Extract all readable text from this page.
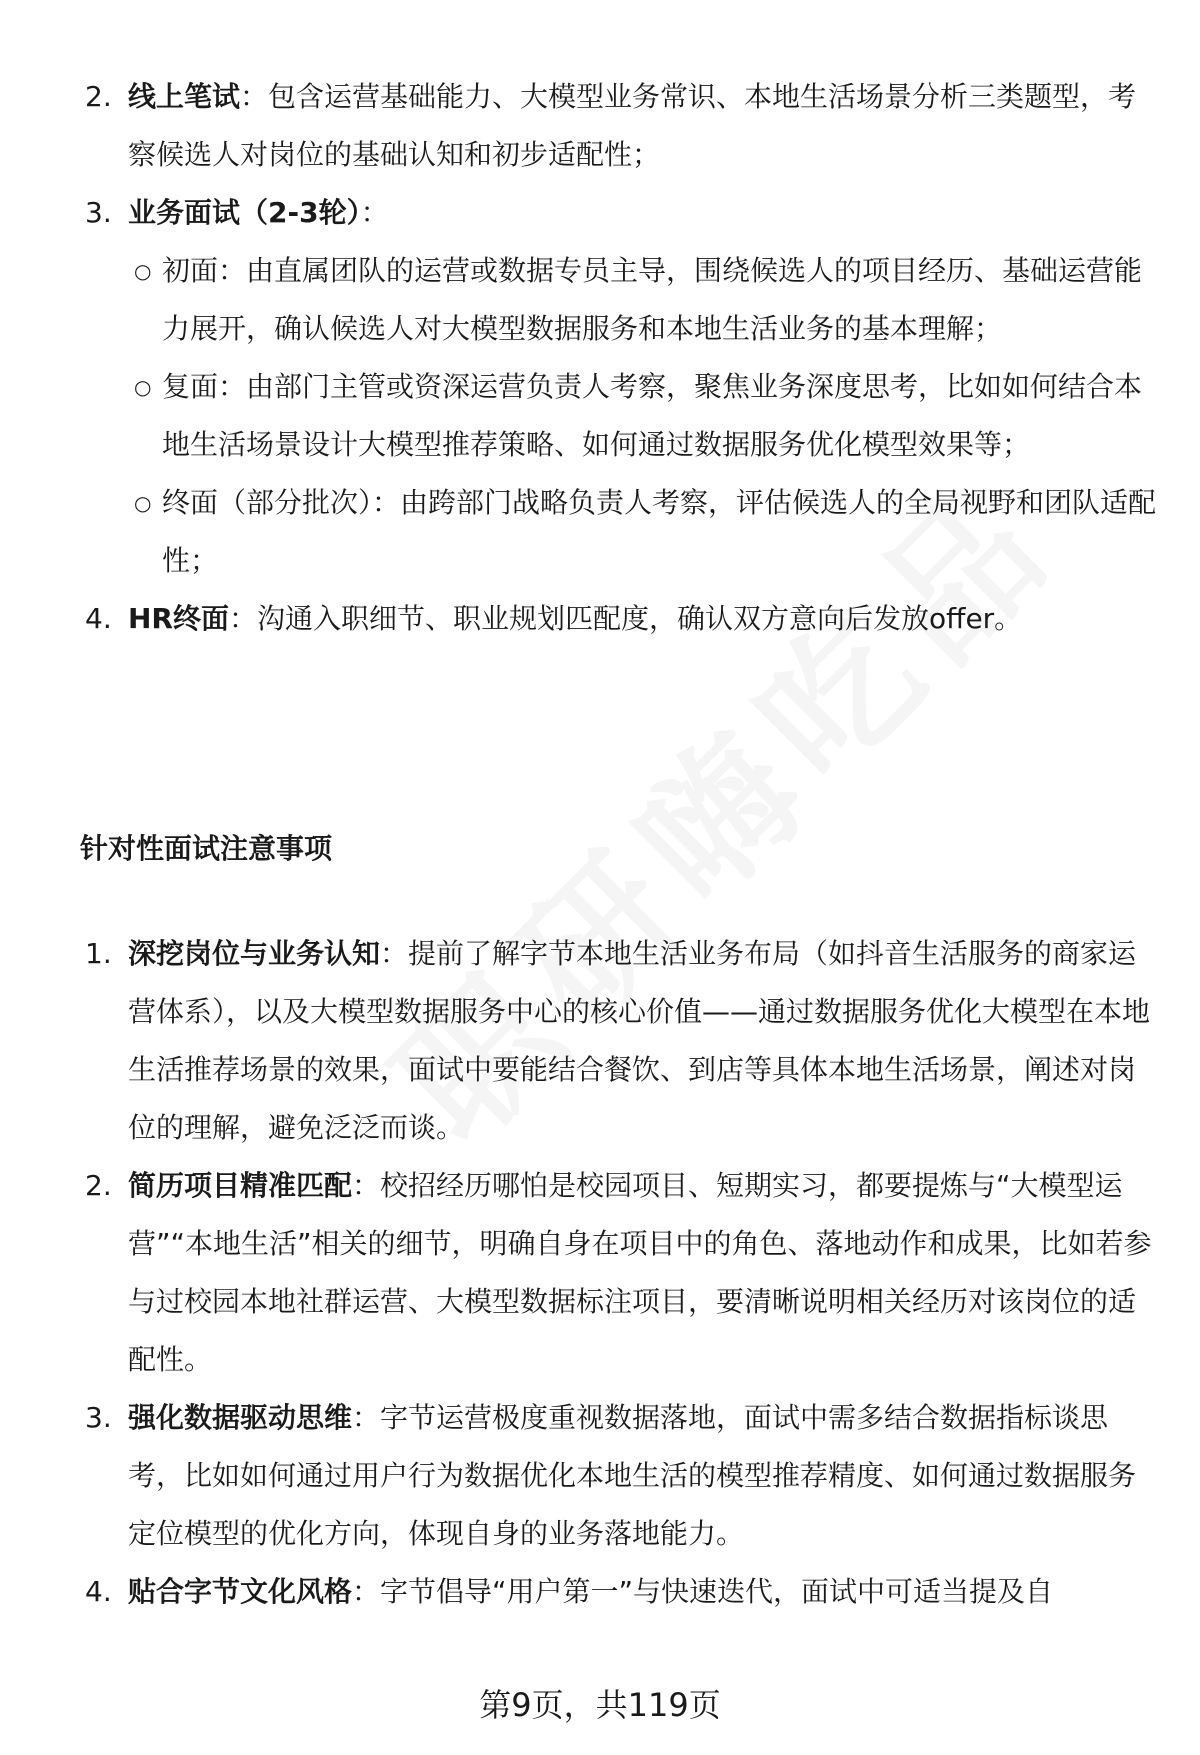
2. 线上笔试：包含运营基础能力、大模型业务常识、本地生活场景分析三类题型，考察候选人对岗位的基础认知和初步适配性；
3. 业务面试（2-3轮）：
○ 初面：由直属团队的运营或数据专员主导，围绕候选人的项目经历、基础运营能力展开，确认候选人对大模型数据服务和本地生活业务的基本理解；
○ 复面：由部门主管或资深运营负责人考察，聚焦业务深度思考，比如如何结合本地生活场景设计大模型推荐策略、如何通过数据服务优化模型效果等；
○ 终面（部分批次）：由跨部门战略负责人考察，评估候选人的全局视野和团队适配性；
4. HR终面：沟通入职细节、职业规划匹配度，确认双方意向后发放offer。
针对性面试注意事项
1. 深挖岗位与业务认知：提前了解字节本地生活业务布局（如抖音生活服务的商家运营体系），以及大模型数据服务中心的核心价值——通过数据服务优化大模型在本地生活推荐场景的效果，面试中要能结合餐饮、到店等具体本地生活场景，阐述对岗位的理解，避免泛泛而谈。
2. 简历项目精准匹配：校招经历哪怕是校园项目、短期实习，都要提炼与“大模型运营”“本地生活”相关的细节，明确自身在项目中的角色、落地动作和成果，比如若参与过校园本地社群运营、大模型数据标注项目，要清晰说明相关经历对该岗位的适配性。
3. 强化数据驱动思维：字节运营极度重视数据落地，面试中需多结合数据指标谈思考，比如如何通过用户行为数据优化本地生活的模型推荐精度、如何通过数据服务定位模型的优化方向，体现自身的业务落地能力。
4. 贴合字节文化风格：字节倡导“用户第一”与快速迭代，面试中可适当提及自
第9页，共119页
